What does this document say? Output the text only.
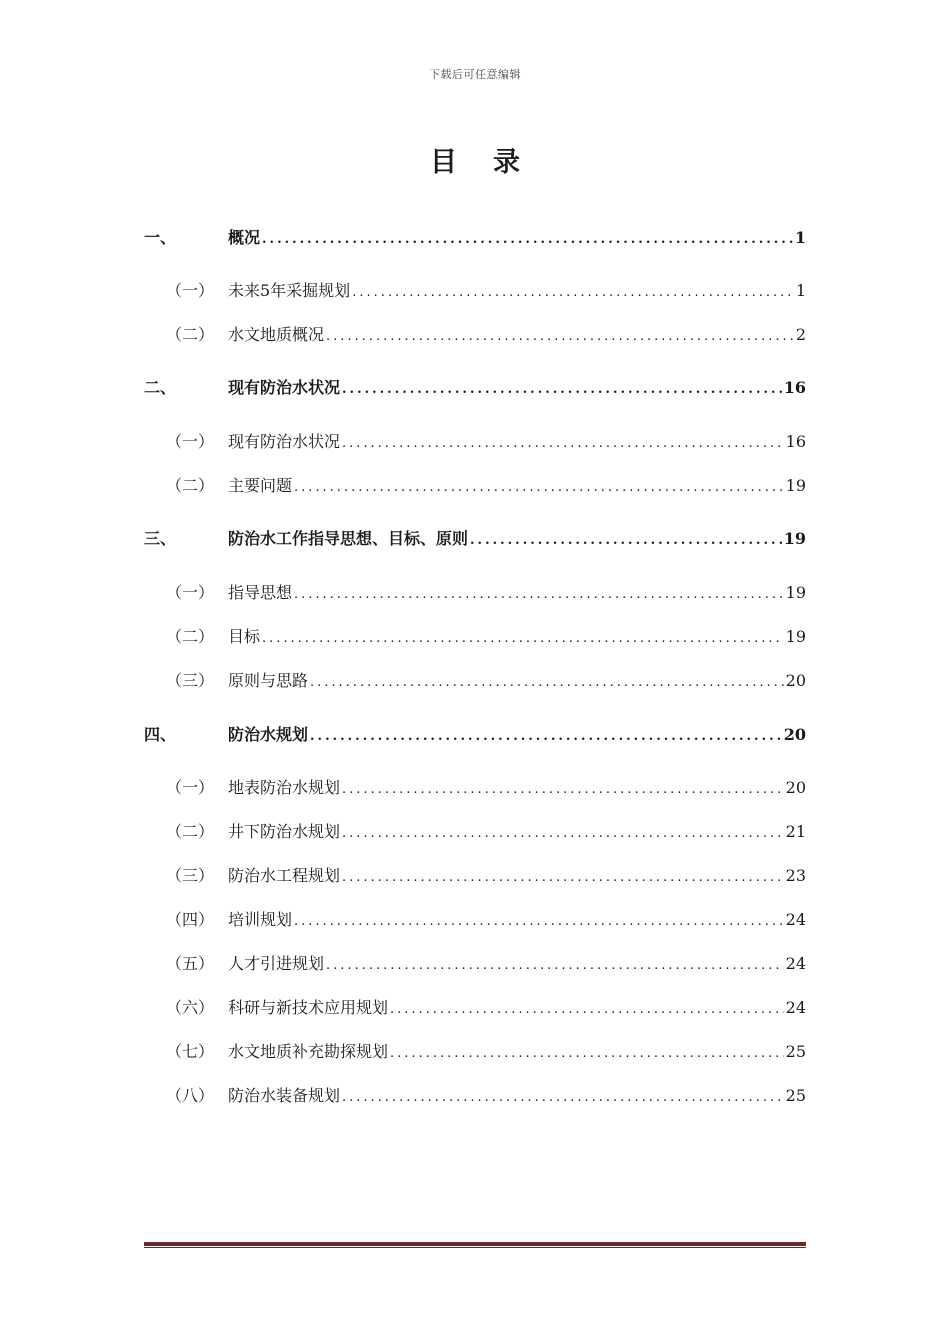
下载后可任意编辑
目录
一、	概况 .....	1
（一） 未来5年采掘规划 .....	1
（二） 水文地质概况 .....	2
二、	现有防治水状况 .....	16
（一） 现有防治水状况 .....	16
（二） 主要问题 .....	19
三、	防治水工作指导思想、目标、原则 .....	19
（一） 指导思想 .....	19
（二） 目标 .....	19
（三） 原则与思路 .....	20
四、	防治水规划 .....	20
（一） 地表防治水规划 .....	20
（二） 井下防治水规划 .....	21
（三） 防治水工程规划 .....	23
（四） 培训规划 .....	24
（五） 人才引进规划 .....	24
（六） 科研与新技术应用规划 .....	24
（七） 水文地质补充勘探规划 .....	25
（八） 防治水装备规划 .....	25
